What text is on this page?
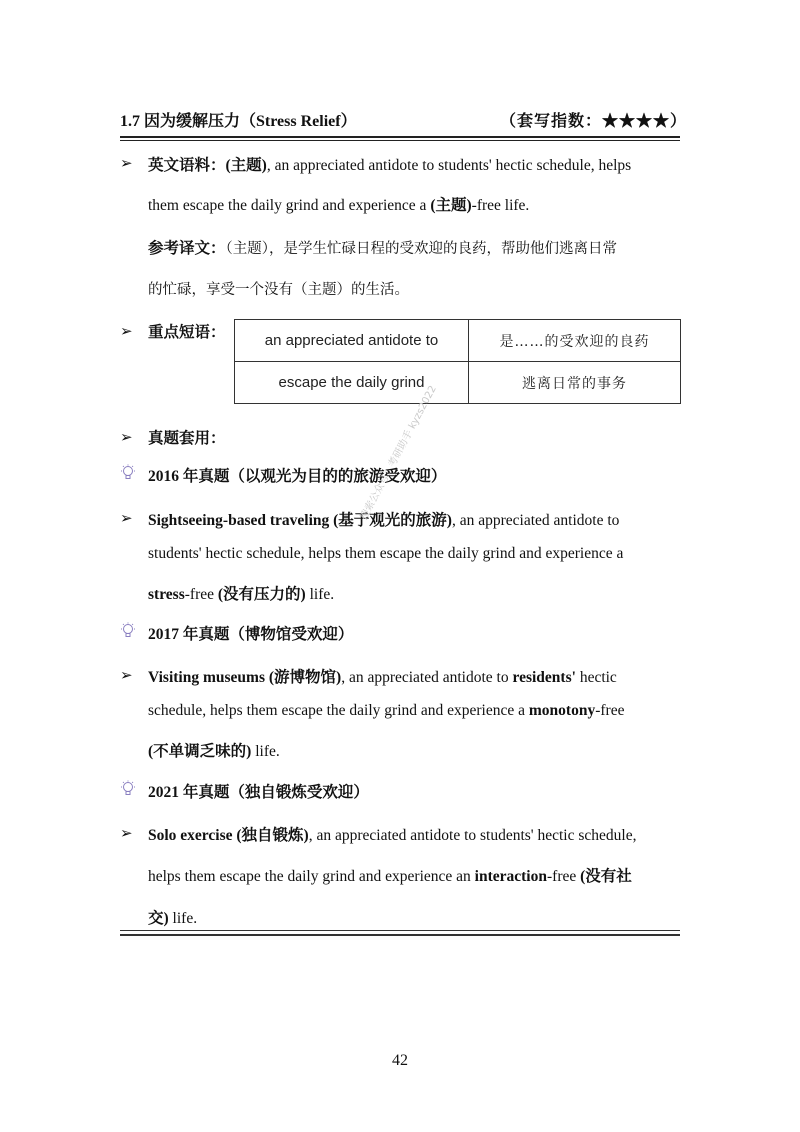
1.7 因为缓解压力（Stress Relief）	（套写指数：★★★★）
➢ 英文语料：(主题), an appreciated antidote to students' hectic schedule, helps
them escape the daily grind and experience a (主题)-free life.
参考译文：（主题），是学生忙碌日程的受欢迎的良药，帮助他们逃离日常
的忙碌，享受一个没有（主题）的生活。
➢ 重点短语：	an appreciated antidote to	是……的受欢迎的良药
escape the daily grind	逃离日常的事务
➢ 真题套用：
2016 年真题（以观光为目的的旅游受欢迎）
➢ Sightseeing-based traveling (基于观光的旅游), an appreciated antidote to
students' hectic schedule, helps them escape the daily grind and experience a
stress-free (没有压力的) life.
2017 年真题（博物馆受欢迎）
➢ Visiting museums (游博物馆), an appreciated antidote to residents' hectic
schedule, helps them escape the daily grind and experience a monotony-free
(不单调乏味的) life.
2021 年真题（独自锻炼受欢迎）
➢ Solo exercise (独自锻炼), an appreciated antidote to students' hectic schedule,
helps them escape the daily grind and experience an interaction-free (没有社
交) life.
搜索公众号：考研助手 kyzs2022
42
